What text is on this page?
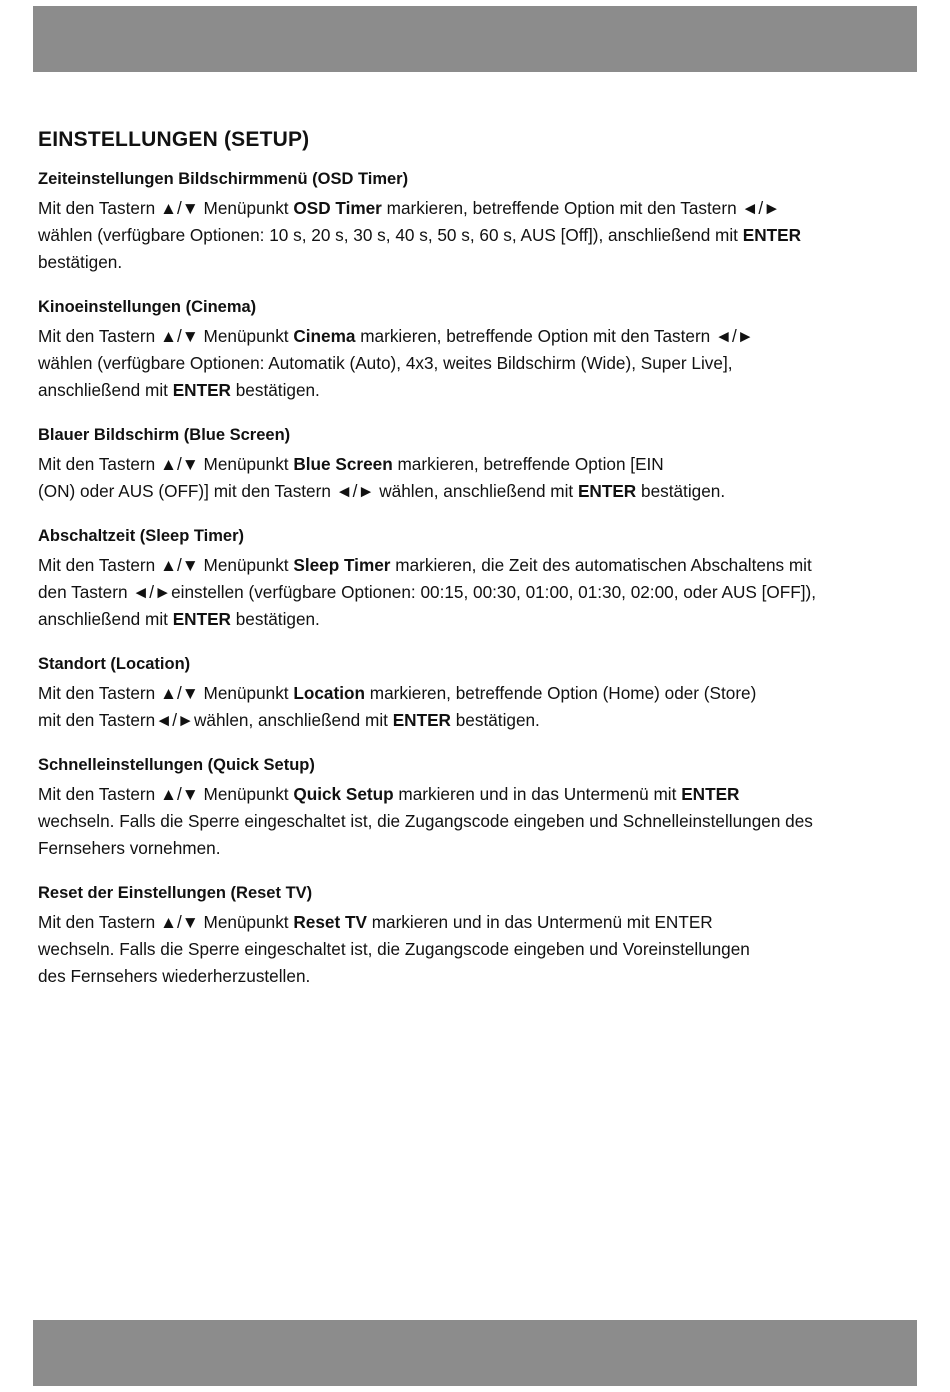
EINSTELLUNGEN (SETUP)
Zeiteinstellungen Bildschirmmenü (OSD Timer)

Mit den Tastern ▲/▼ Menüpunkt OSD Timer markieren, betreffende Option mit den Tastern ◄/►
wählen (verfügbare Optionen: 10 s, 20 s, 30 s, 40 s, 50 s, 60 s, AUS [Off]), anschließend mit ENTER
bestätigen.

Kinoeinstellungen (Cinema)

Mit den Tastern ▲/▼ Menüpunkt Cinema markieren, betreffende Option mit den Tastern ◄/►
wählen (verfügbare Optionen: Automatik (Auto), 4x3, weites Bildschirm (Wide), Super Live],
anschließend mit ENTER bestätigen.

Blauer Bildschirm (Blue Screen)

Mit den Tastern ▲/▼ Menüpunkt Blue Screen markieren, betreffende Option [EIN
(ON) oder AUS (OFF)] mit den Tastern ◄/► wählen, anschließend mit ENTER bestätigen.

Abschaltzeit (Sleep Timer)

Mit den Tastern ▲/▼ Menüpunkt Sleep Timer markieren, die Zeit des automatischen Abschaltens mit
den Tastern ◄/►einstellen (verfügbare Optionen: 00:15, 00:30, 01:00, 01:30, 02:00, oder AUS [OFF]),
anschließend mit ENTER bestätigen.

Standort (Location)

Mit den Tastern ▲/▼ Menüpunkt Location markieren, betreffende Option (Home) oder (Store)
mit den Tastern◄/►wählen, anschließend mit ENTER bestätigen.

Schnelleinstellungen (Quick Setup)

Mit den Tastern ▲/▼ Menüpunkt Quick Setup markieren und in das Untermenü mit ENTER
wechseln. Falls die Sperre eingeschaltet ist, die Zugangscode eingeben und Schnelleinstellungen des
Fernsehers vornehmen.

Reset der Einstellungen (Reset TV)

Mit den Tastern ▲/▼ Menüpunkt Reset TV markieren und in das Untermenü mit ENTER
wechseln. Falls die Sperre eingeschaltet ist, die Zugangscode eingeben und Voreinstellungen
des Fernsehers wiederherzustellen.
